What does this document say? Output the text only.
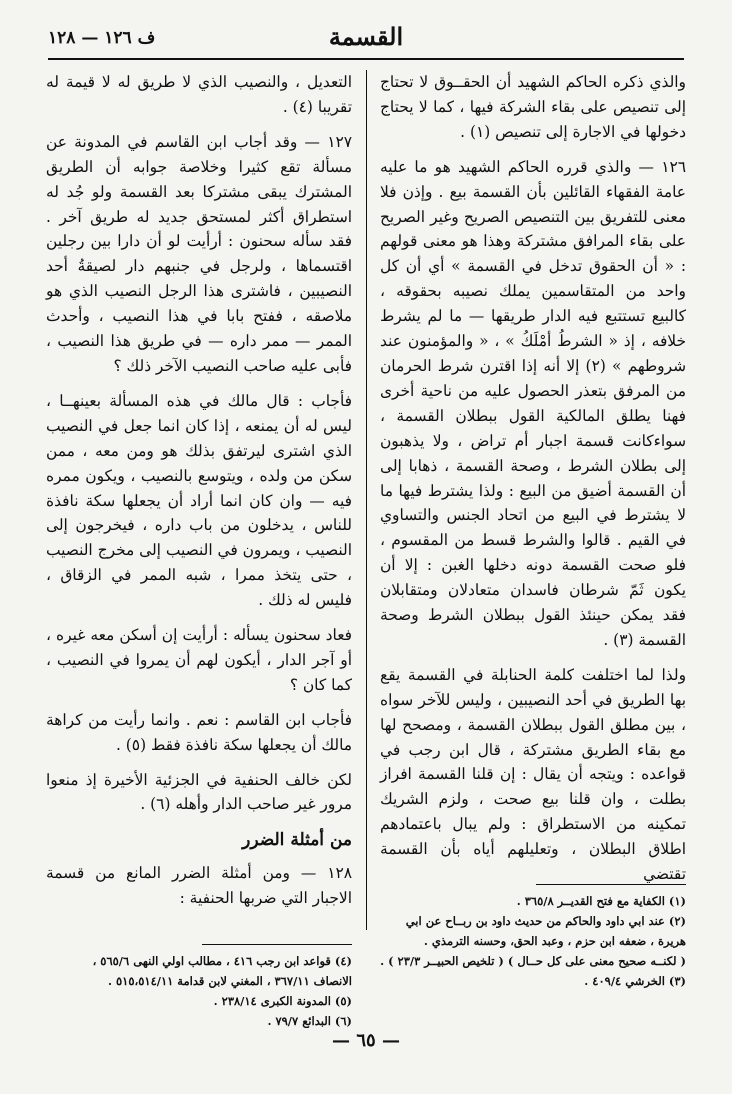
القسمة
ف ١٢٦ — ١٢٨

والذي ذكره الحاكم الشهيد أن الحقــوق لا تحتاج إلى تنصيص على بقاء الشركة فيها ، كما لا يحتاج دخولها في الاجارة إلى تنصيص (١) .

١٢٦ — والذي قرره الحاكم الشهيد هو ما عليه عامة الفقهاء القائلين بأن القسمة بيع . وإذن فلا معنى للتفريق بين التنصيص الصريح وغير الصريح على بقاء المرافق مشتركة وهذا هو معنى قولهم : « أن الحقوق تدخل في القسمة » أي أن كل واحد من المتقاسمين يملك نصيبه بحقوقه ، كالبيع تستتبع فيه الدار طريقها — ما لم يشرط خلافه ، إذ « الشرطُ أمْلَكُ » ، « والمؤمنون عند شروطهم » (٢) إلا أنه إذا اقترن شرط الحرمان من المرفق بتعذر الحصول عليه من ناحية أخرى فهنا يطلق المالكية القول ببطلان القسمة ، سواءكانت قسمة اجبار أم تراض ، ولا يذهبون إلى بطلان الشرط ، وصحة القسمة ، ذهابا إلى أن القسمة أضيق من البيع : ولذا يشترط فيها ما لا يشترط في البيع من اتحاد الجنس والتساوي في القيم . قالوا والشرط قسط من المقسوم ، فلو صحت القسمة دونه دخلها الغبن : إلا أن يكون ثَمّ شرطان فاسدان متعادلان ومتقابلان فقد يمكن حينئذ القول ببطلان الشرط وصحة القسمة (٣) .

ولذا لما اختلفت كلمة الحنابلة في القسمة يقع بها الطريق في أحد النصيبين ، وليس للآخر سواه ، بين مطلق القول ببطلان القسمة ، ومصحح لها مع بقاء الطريق مشتركة ، قال ابن رجب في قواعده : ويتجه أن يقال : إن قلنا القسمة افراز بطلت ، وان قلنا بيع صحت ، ولزم الشريك تمكينه من الاستطراق : ولم يبال باعتمادهم اطلاق البطلان ، وتعليلهم أياه بأن القسمة تقتضي

التعديل ، والنصيب الذي لا طريق له لا قيمة له تقريبا (٤) .

١٢٧ — وقد أجاب ابن القاسم في المدونة عن مسألة تقع كثيرا وخلاصة جوابه أن الطريق المشترك يبقى مشتركا بعد القسمة ولو جُد له استطراق أكثر لمستحق جديد له طريق آخر . فقد سأله سحنون : أرأيت لو أن دارا بين رجلين اقتسماها ، ولرجل في جنبهم دار لصيقةُ أحد النصيبين ، فاشترى هذا الرجل النصيب الذي هو ملاصقه ، ففتح بابا في هذا النصيب ، وأحدث الممر — ممر داره — في طريق هذا النصيب ، فأبى عليه صاحب النصيب الآخر ذلك ؟

فأجاب : قال مالك في هذه المسألة بعينهــا ، ليس له أن يمنعه ، إذا كان انما جعل في النصيب الذي اشترى ليرتفق بذلك هو ومن معه ، ممن سكن من ولده ، ويتوسع بالنصيب ، ويكون ممره فيه — وان كان انما أراد أن يجعلها سكة نافذة للناس ، يدخلون من باب داره ، فيخرجون إلى النصيب ، ويمرون في النصيب إلى مخرج النصيب ، حتى يتخذ ممرا ، شبه الممر في الزقاق ، فليس له ذلك .

فعاد سحنون يسأله : أرأيت إن أسكن معه غيره ، أو آجر الدار ، أيكون لهم أن يمروا في النصيب ، كما كان ؟

فأجاب ابن القاسم : نعم . وانما رأيت من كراهة مالك أن يجعلها سكة نافذة فقط (٥) .

لكن خالف الحنفية في الجزئية الأخيرة إذ منعوا مرور غير صاحب الدار وأهله (٦) .

من أمثلة الضرر

١٢٨ — ومن أمثلة الضرر المانع من قسمة الاجبار التي ضربها الحنفية :	(١) الكفاية مع فتح القديــر ٣٦٥/٨ .

(٢) عند ابي داود والحاكم من حديث داود بن ربــاح عن ابي هريرة ، ضعفه ابن حزم ، وعبد الحق، وحسنه الترمذي .

( لكنــه صحيح معنى على كل حــال ) ( تلخيص الحبيــر ٢٣/٣ ) .

(٣) الخرشي ٤٠٩/٤ .

(٤) قواعد ابن رجب ٤١٦ ، مطالب اولي النهى ٥٦٥/٦ ،

الانصاف ٣٦٧/١١ ، المغني لابن قدامة ٥١٥،٥١٤/١١ .

(٥) المدونة الكبرى ٢٣٨/١٤ .

(٦) البدائع ٧٩/٧ .

— ٦٥ —
